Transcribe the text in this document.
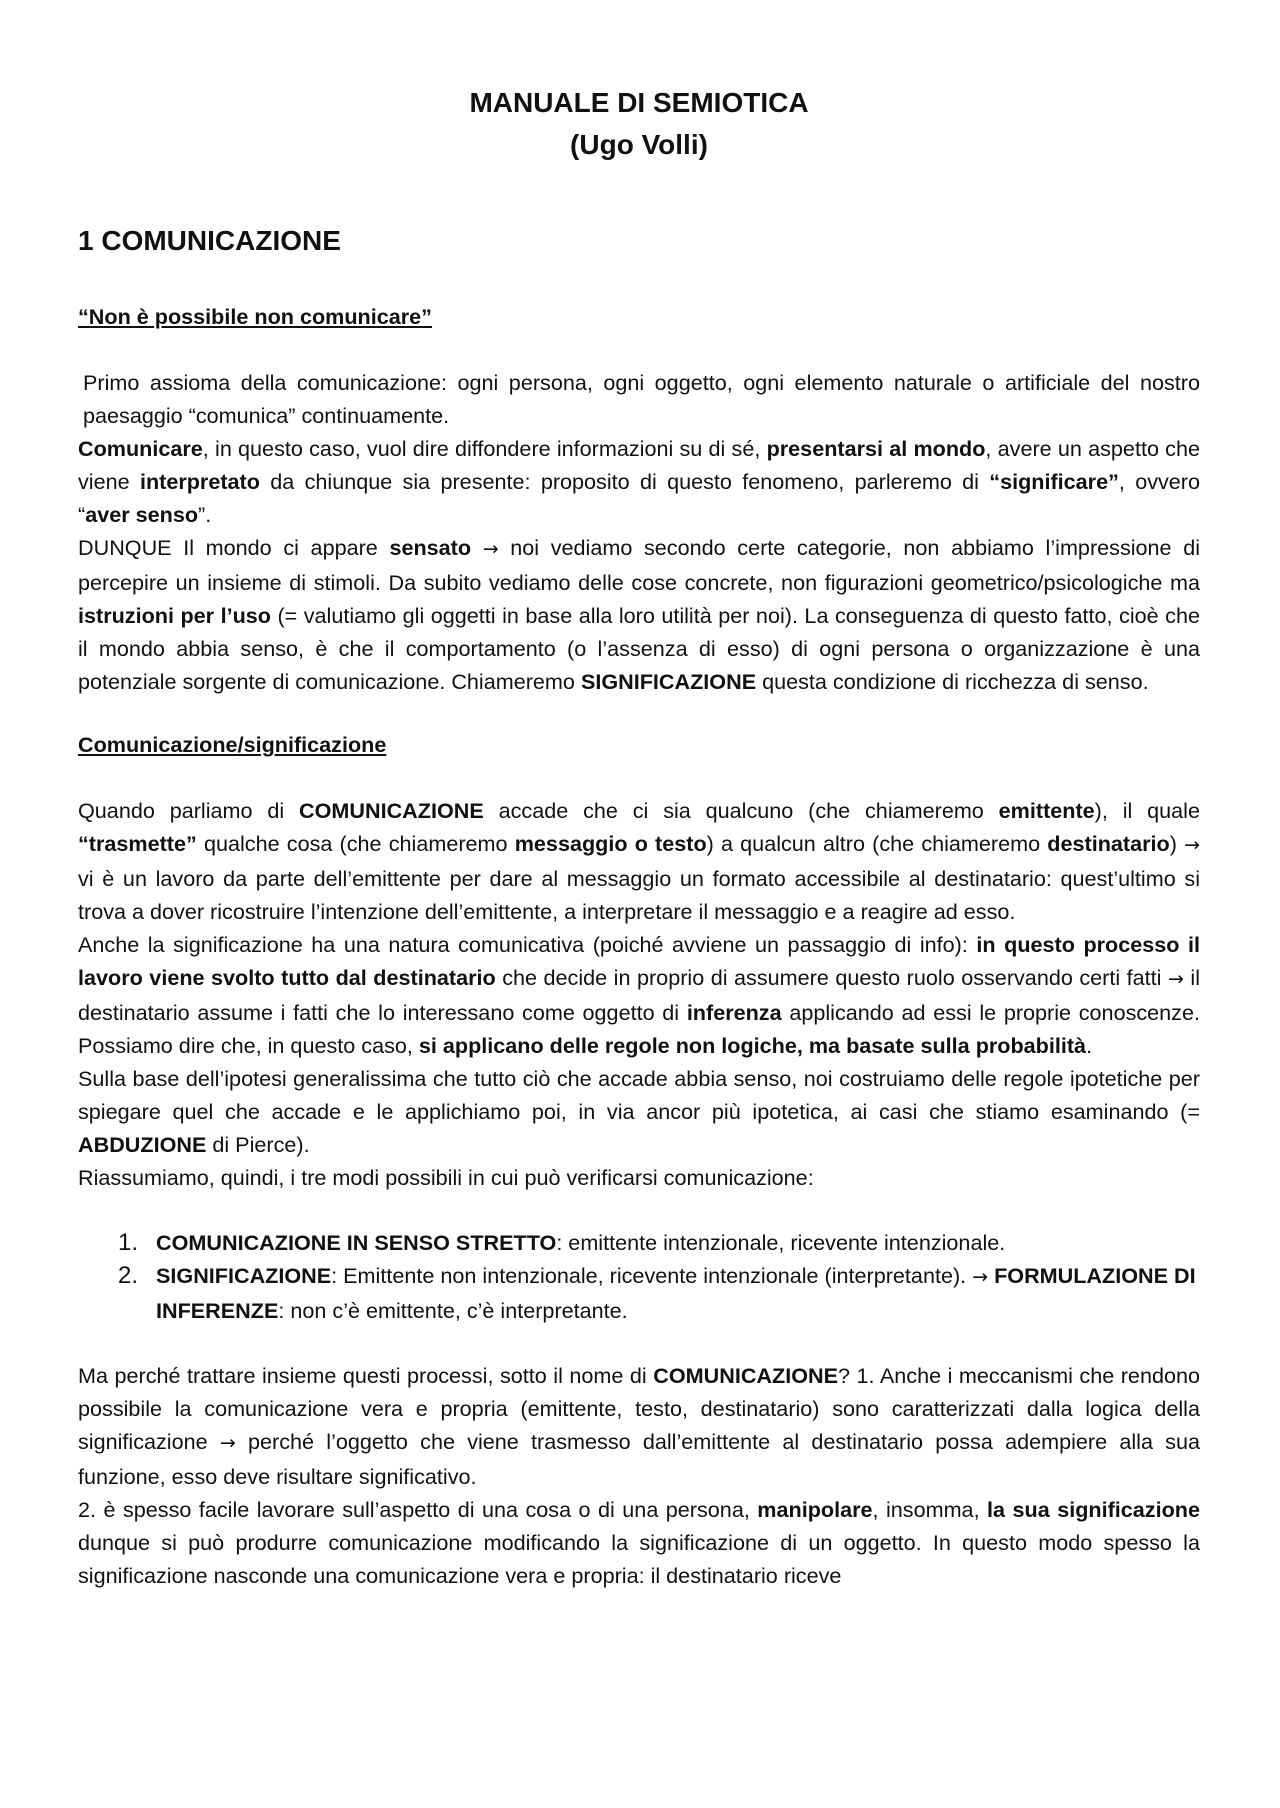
MANUALE DI SEMIOTICA
(Ugo Volli)
1 COMUNICAZIONE
“Non è possibile non comunicare”

Primo assioma della comunicazione: ogni persona, ogni oggetto, ogni elemento naturale o artificiale del nostro paesaggio “comunica” continuamente.

Comunicare, in questo caso, vuol dire diffondere informazioni su di sé, presentarsi al mondo, avere un aspetto che viene interpretato da chiunque sia presente: proposito di questo fenomeno, parleremo di “significare”, ovvero “aver senso”.

DUNQUE Il mondo ci appare sensato → noi vediamo secondo certe categorie, non abbiamo l’impressione di percepire un insieme di stimoli. Da subito vediamo delle cose concrete, non figurazioni geometrico/psicologiche ma istruzioni per l’uso (= valutiamo gli oggetti in base alla loro utilità per noi). La conseguenza di questo fatto, cioè che il mondo abbia senso, è che il comportamento (o l’assenza di esso) di ogni persona o organizzazione è una potenziale sorgente di comunicazione. Chiameremo SIGNIFICAZIONE questa condizione di ricchezza di senso.

Comunicazione/significazione

Quando parliamo di COMUNICAZIONE accade che ci sia qualcuno (che chiameremo emittente), il quale “trasmette” qualche cosa (che chiameremo messaggio o testo) a qualcun altro (che chiameremo destinatario) → vi è un lavoro da parte dell’emittente per dare al messaggio un formato accessibile al destinatario: quest’ultimo si trova a dover ricostruire l’intenzione dell’emittente, a interpretare il messaggio e a reagire ad esso.

Anche la significazione ha una natura comunicativa (poiché avviene un passaggio di info): in questo processo il lavoro viene svolto tutto dal destinatario che decide in proprio di assumere questo ruolo osservando certi fatti → il destinatario assume i fatti che lo interessano come oggetto di inferenza applicando ad essi le proprie conoscenze. Possiamo dire che, in questo caso, si applicano delle regole non logiche, ma basate sulla probabilità.

Sulla base dell’ipotesi generalissima che tutto ciò che accade abbia senso, noi costruiamo delle regole ipotetiche per spiegare quel che accade e le applichiamo poi, in via ancor più ipotetica, ai casi che stiamo esaminando (= ABDUZIONE di Pierce).

Riassumiamo, quindi, i tre modi possibili in cui può verificarsi comunicazione:

1. COMUNICAZIONE IN SENSO STRETTO: emittente intenzionale, ricevente intenzionale.
2. SIGNIFICAZIONE: Emittente non intenzionale, ricevente intenzionale (interpretante). → FORMULAZIONE DI INFERENZE: non c’è emittente, c’è interpretante.

Ma perché trattare insieme questi processi, sotto il nome di COMUNICAZIONE? 1. Anche i meccanismi che rendono possibile la comunicazione vera e propria (emittente, testo, destinatario) sono caratterizzati dalla logica della significazione → perché l’oggetto che viene trasmesso dall’emittente al destinatario possa adempiere alla sua funzione, esso deve risultare significativo.

2. è spesso facile lavorare sull’aspetto di una cosa o di una persona, manipolare, insomma, la sua significazione dunque si può produrre comunicazione modificando la significazione di un oggetto. In questo modo spesso la significazione nasconde una comunicazione vera e propria: il destinatario riceve
